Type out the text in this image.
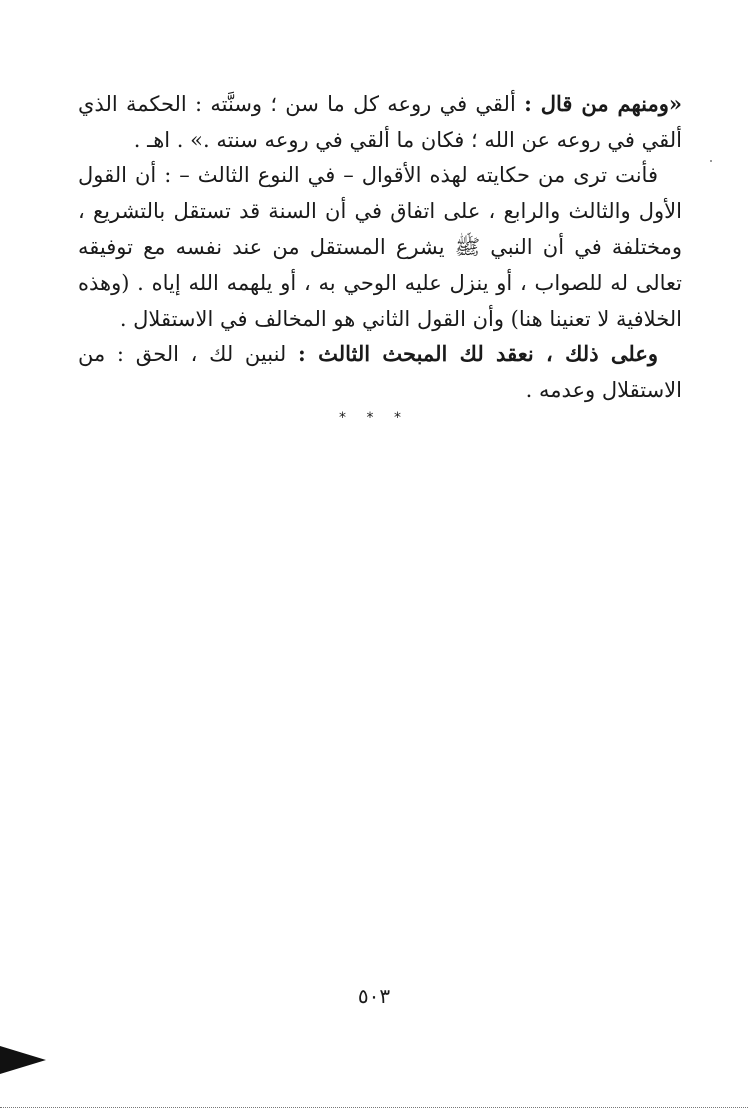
«ومنهم من قال : ألقي في روعه كل ما سن ؛ وسنَّته : الحكمة الذي ألقي في روعه عن الله ؛ فكان ما ألقي في روعه سنته .» . اهـ .

فأنت ترى من حكايته لهذه الأقوال – في النوع الثالث – : أن القول الأول والثالث والرابع ، على اتفاق في أن السنة قد تستقل بالتشريع ، ومختلفة في أن النبي ﷺ يشرع المستقل من عند نفسه مع توفيقه تعالى له للصواب ، أو ينزل عليه الوحي به ، أو يلهمه الله إياه . (وهذه الخلافية لا تعنينا هنا) وأن القول الثاني هو المخالف في الاستقلال .

وعلى ذلك ، نعقد لك المبحث الثالث : لنبين لك ، الحق : من الاستقلال وعدمه .

* * *
٥٠٣
